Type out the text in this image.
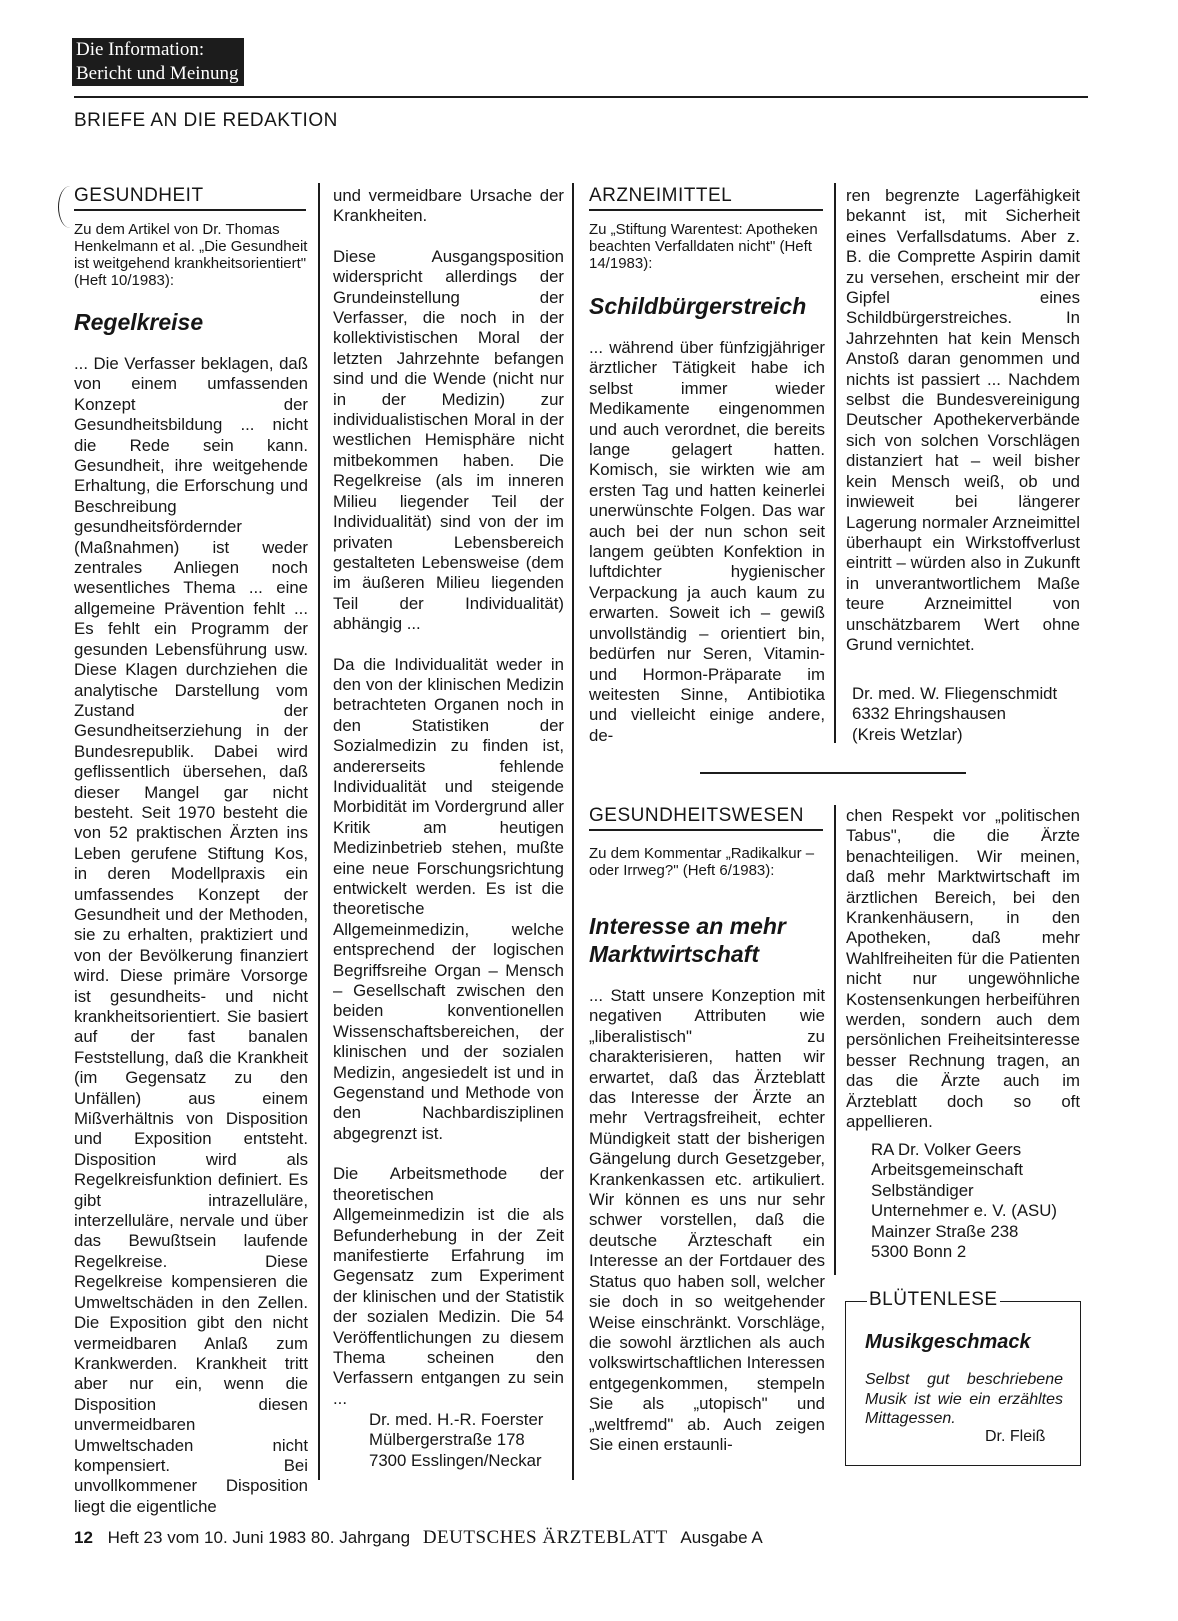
Die Information:
Bericht und Meinung
BRIEFE AN DIE REDAKTION
GESUNDHEIT
Zu dem Artikel von Dr. Thomas Henkelmann et al. „Die Gesundheit ist weitgehend krankheitsorientiert" (Heft 10/1983):
Regelkreise

... Die Verfasser beklagen, daß von einem umfassenden Konzept der Gesundheitsbildung ... nicht die Rede sein kann. Gesundheit, ihre weitgehende Erhaltung, die Erforschung und Beschreibung gesundheitsfördernder (Maßnahmen) ist weder zentrales Anliegen noch wesentliches Thema ... eine allgemeine Prävention fehlt ... Es fehlt ein Programm der gesunden Lebensführung usw. Diese Klagen durchziehen die analytische Darstellung vom Zustand der Gesundheitserziehung in der Bundesrepublik. Dabei wird geflissentlich übersehen, daß dieser Mangel gar nicht besteht. Seit 1970 besteht die von 52 praktischen Ärzten ins Leben gerufene Stiftung Kos, in deren Modellpraxis ein umfassendes Konzept der Gesundheit und der Methoden, sie zu erhalten, praktiziert und von der Bevölkerung finanziert wird. Diese primäre Vorsorge ist gesundheits- und nicht krankheitsorientiert. Sie basiert auf der fast banalen Feststellung, daß die Krankheit (im Gegensatz zu den Unfällen) aus einem Mißverhältnis von Disposition und Exposition entsteht. Disposition wird als Regelkreisfunktion definiert. Es gibt intrazelluläre, interzelluläre, nervale und über das Bewußtsein laufende Regelkreise. Diese Regelkreise kompensieren die Umweltschäden in den Zellen. Die Exposition gibt den nicht vermeidbaren Anlaß zum Krankwerden. Krankheit tritt aber nur ein, wenn die Disposition diesen unvermeidbaren Umweltschaden nicht kompensiert. Bei unvollkommener Disposition liegt die eigentliche

und vermeidbare Ursache der Krankheiten.

Diese Ausgangsposition widerspricht allerdings der Grundeinstellung der Verfasser, die noch in der kollektivistischen Moral der letzten Jahrzehnte befangen sind und die Wende (nicht nur in der Medizin) zur individualistischen Moral in der westlichen Hemisphäre nicht mitbekommen haben. Die Regelkreise (als im inneren Milieu liegender Teil der Individualität) sind von der im privaten Lebensbereich gestalteten Lebensweise (dem im äußeren Milieu liegenden Teil der Individualität) abhängig ...

Da die Individualität weder in den von der klinischen Medizin betrachteten Organen noch in den Statistiken der Sozialmedizin zu finden ist, andererseits fehlende Individualität und steigende Morbidität im Vordergrund aller Kritik am heutigen Medizinbetrieb stehen, mußte eine neue Forschungsrichtung entwickelt werden. Es ist die theoretische Allgemeinmedizin, welche entsprechend der logischen Begriffsreihe Organ – Mensch – Gesellschaft zwischen den beiden konventionellen Wissenschaftsbereichen, der klinischen und der sozialen Medizin, angesiedelt ist und in Gegenstand und Methode von den Nachbardisziplinen abgegrenzt ist.

Die Arbeitsmethode der theoretischen Allgemeinmedizin ist die als Befunderhebung in der Zeit manifestierte Erfahrung im Gegensatz zum Experiment der klinischen und der Statistik der sozialen Medizin. Die 54 Veröffentlichungen zu diesem Thema scheinen den Verfassern entgangen zu sein ...

Dr. med. H.-R. Foerster
Mülbergerstraße 178
7300 Esslingen/Neckar
ARZNEIMITTEL
Zu „Stiftung Warentest: Apotheken beachten Verfalldaten nicht" (Heft 14/1983):
Schildbürgerstreich

... während über fünfzigjähriger ärztlicher Tätigkeit habe ich selbst immer wieder Medikamente eingenommen und auch verordnet, die bereits lange gelagert hatten. Komisch, sie wirkten wie am ersten Tag und hatten keinerlei unerwünschte Folgen. Das war auch bei der nun schon seit langem geübten Konfektion in luftdichter hygienischer Verpackung ja auch kaum zu erwarten. Soweit ich – gewiß unvollständig – orientiert bin, bedürfen nur Seren, Vitamin- und Hormon-Präparate im weitesten Sinne, Antibiotika und vielleicht einige andere, de-

ren begrenzte Lagerfähigkeit bekannt ist, mit Sicherheit eines Verfallsdatums. Aber z. B. die Comprette Aspirin damit zu versehen, erscheint mir der Gipfel eines Schildbürgerstreiches. In Jahrzehnten hat kein Mensch Anstoß daran genommen und nichts ist passiert ... Nachdem selbst die Bundesvereinigung Deutscher Apothekerverbände sich von solchen Vorschlägen distanziert hat – weil bisher kein Mensch weiß, ob und inwieweit bei längerer Lagerung normaler Arzneimittel überhaupt ein Wirkstoffverlust eintritt – würden also in Zukunft in unverantwortlichem Maße teure Arzneimittel von unschätzbarem Wert ohne Grund vernichtet.

Dr. med. W. Fliegenschmidt
6332 Ehringshausen
(Kreis Wetzlar)
GESUNDHEITSWESEN
Zu dem Kommentar „Radikalkur – oder Irrweg?" (Heft 6/1983):
Interesse an mehr
Marktwirtschaft

... Statt unsere Konzeption mit negativen Attributen wie „liberalistisch" zu charakterisieren, hatten wir erwartet, daß das Ärzteblatt das Interesse der Ärzte an mehr Vertragsfreiheit, echter Mündigkeit statt der bisherigen Gängelung durch Gesetzgeber, Krankenkassen etc. artikuliert. Wir können es uns nur sehr schwer vorstellen, daß die deutsche Ärzteschaft ein Interesse an der Fortdauer des Status quo haben soll, welcher sie doch in so weitgehender Weise einschränkt. Vorschläge, die sowohl ärztlichen als auch volkswirtschaftlichen Interessen entgegenkommen, stempeln Sie als „utopisch" und „weltfremd" ab. Auch zeigen Sie einen erstaunli-

chen Respekt vor „politischen Tabus", die die Ärzte benachteiligen. Wir meinen, daß mehr Marktwirtschaft im ärztlichen Bereich, bei den Krankenhäusern, in den Apotheken, daß mehr Wahlfreiheiten für die Patienten nicht nur ungewöhnliche Kostensenkungen herbeiführen werden, sondern auch dem persönlichen Freiheitsinteresse besser Rechnung tragen, an das die Ärzte auch im Ärzteblatt doch so oft appellieren.

RA Dr. Volker Geers
Arbeitsgemeinschaft
Selbständiger
Unternehmer e. V. (ASU)
Mainzer Straße 238
5300 Bonn 2
BLÜTENLESE
Musikgeschmack
Selbst gut beschriebene Musik ist wie ein erzähltes Mittagessen.
Dr. Fleiß
12 Heft 23 vom 10. Juni 1983 80. Jahrgang DEUTSCHES ÄRZTEBLATT Ausgabe A
